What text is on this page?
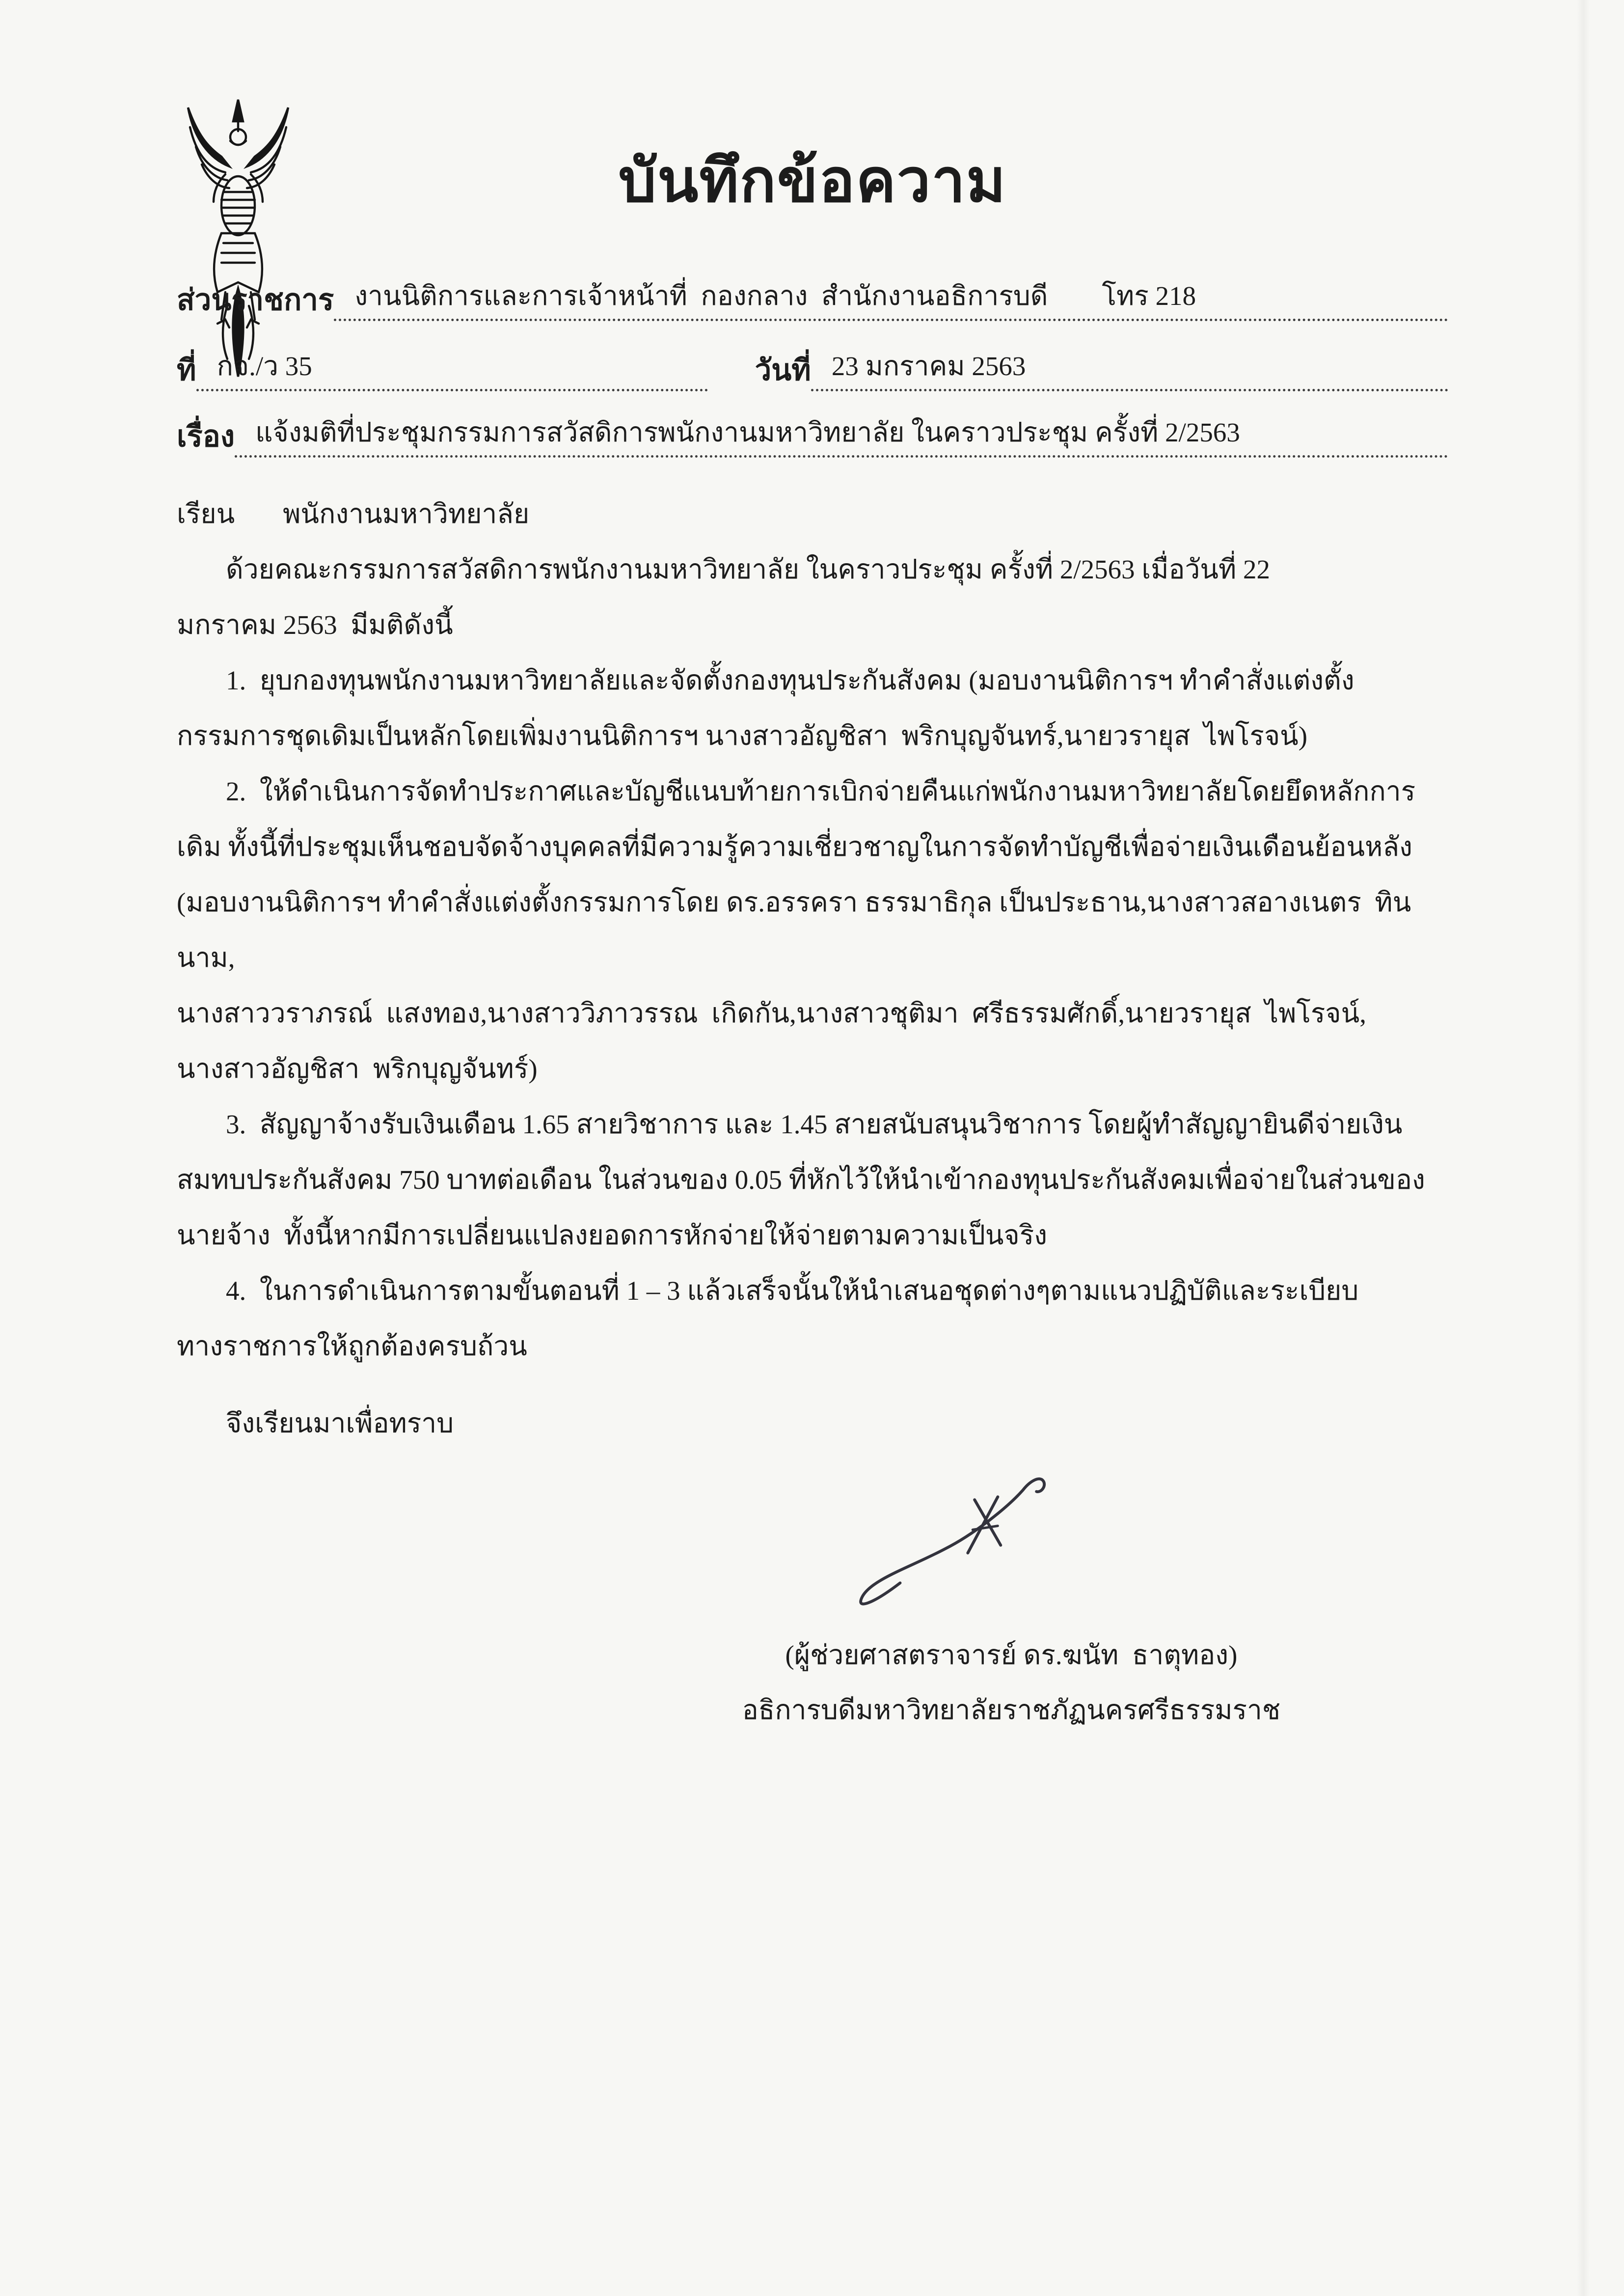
บันทึกข้อความ
ส่วนราชการ งานนิติการและการเจ้าหน้าที่  กองกลาง  สำนักงานอธิการบดี        โทร 218
ที่ กจ./ว 35	วันที่ 23 มกราคม 2563
เรื่อง แจ้งมติที่ประชุมกรรมการสวัสดิการพนักงานมหาวิทยาลัย ในคราวประชุม ครั้งที่ 2/2563
เรียน	พนักงานมหาวิทยาลัย
ด้วยคณะกรรมการสวัสดิการพนักงานมหาวิทยาลัย ในคราวประชุม ครั้งที่ 2/2563 เมื่อวันที่ 22
มกราคม 2563  มีมติดังนี้
1.  ยุบกองทุนพนักงานมหาวิทยาลัยและจัดตั้งกองทุนประกันสังคม (มอบงานนิติการฯ ทำคำสั่งแต่งตั้ง
กรรมการชุดเดิมเป็นหลักโดยเพิ่มงานนิติการฯ นางสาวอัญชิสา  พริกบุญจันทร์,นายวรายุส  ไพโรจน์)
2.  ให้ดำเนินการจัดทำประกาศและบัญชีแนบท้ายการเบิกจ่ายคืนแก่พนักงานมหาวิทยาลัยโดยยึดหลักการ
เดิม ทั้งนี้ที่ประชุมเห็นชอบจัดจ้างบุคคลที่มีความรู้ความเชี่ยวชาญในการจัดทำบัญชีเพื่อจ่ายเงินเดือนย้อนหลัง
(มอบงานนิติการฯ ทำคำสั่งแต่งตั้งกรรมการโดย ดร.อรรครา ธรรมาธิกุล เป็นประธาน,นางสาวสอางเนตร  ทินนาม,
นางสาววราภรณ์  แสงทอง,นางสาววิภาวรรณ  เกิดกัน,นางสาวชุติมา  ศรีธรรมศักดิ์,นายวรายุส  ไพโรจน์,
นางสาวอัญชิสา  พริกบุญจันทร์)
3.  สัญญาจ้างรับเงินเดือน 1.65 สายวิชาการ และ 1.45 สายสนับสนุนวิชาการ โดยผู้ทำสัญญายินดีจ่ายเงิน
สมทบประกันสังคม 750 บาทต่อเดือน ในส่วนของ 0.05 ที่หักไว้ให้นำเข้ากองทุนประกันสังคมเพื่อจ่ายในส่วนของ
นายจ้าง  ทั้งนี้หากมีการเปลี่ยนแปลงยอดการหักจ่ายให้จ่ายตามความเป็นจริง
4.  ในการดำเนินการตามขั้นตอนที่ 1 – 3 แล้วเสร็จนั้นให้นำเสนอชุดต่างๆตามแนวปฏิบัติและระเบียบ
ทางราชการให้ถูกต้องครบถ้วน
จึงเรียนมาเพื่อทราบ
(ผู้ช่วยศาสตราจารย์ ดร.ฆนัท  ธาตุทอง)
อธิการบดีมหาวิทยาลัยราชภัฏนครศรีธรรมราช
